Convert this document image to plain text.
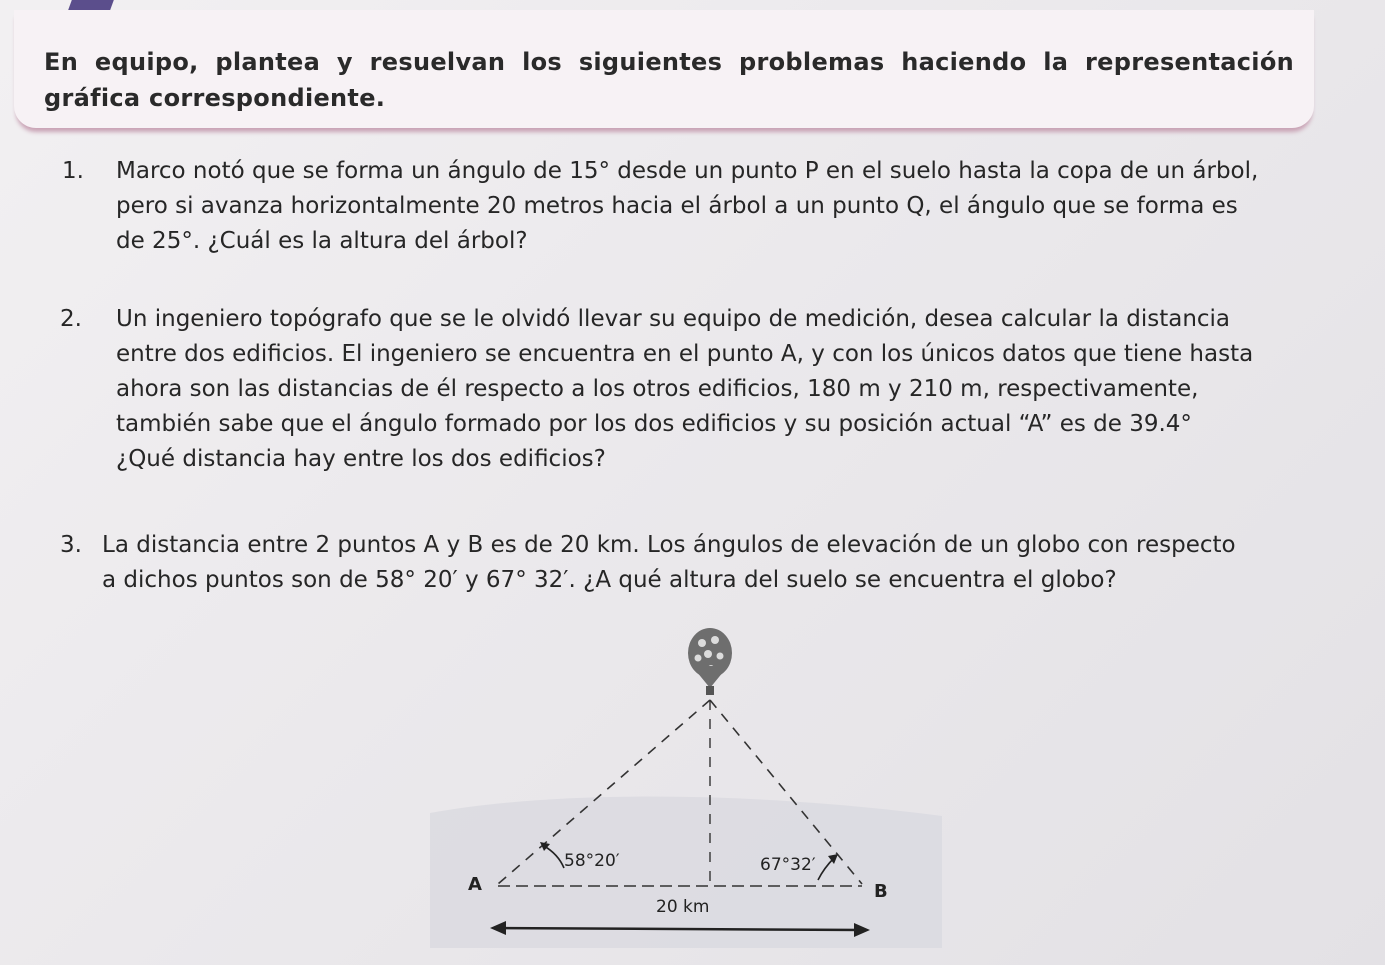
En equipo, plantea y resuelvan los siguientes problemas haciendo la representación gráfica correspondiente.
1. Marco notó que se forma un ángulo de 15° desde un punto P en el suelo hasta la copa de un árbol,
pero si avanza horizontalmente 20 metros hacia el árbol a un punto Q, el ángulo que se forma es
de 25°. ¿Cuál es la altura del árbol?
2. Un ingeniero topógrafo que se le olvidó llevar su equipo de medición, desea calcular la distancia
entre dos edificios. El ingeniero se encuentra en el punto A, y con los únicos datos que tiene hasta
ahora son las distancias de él respecto a los otros edificios, 180 m y 210 m, respectivamente,
también sabe que el ángulo formado por los dos edificios y su posición actual “A” es de 39.4°
¿Qué distancia hay entre los dos edificios?
3. La distancia entre 2 puntos A y B es de 20 km. Los ángulos de elevación de un globo con respecto
a dichos puntos son de 58° 20′ y 67° 32′. ¿A qué altura del suelo se encuentra el globo?
A	B
58°20′	67°32′
20 km
